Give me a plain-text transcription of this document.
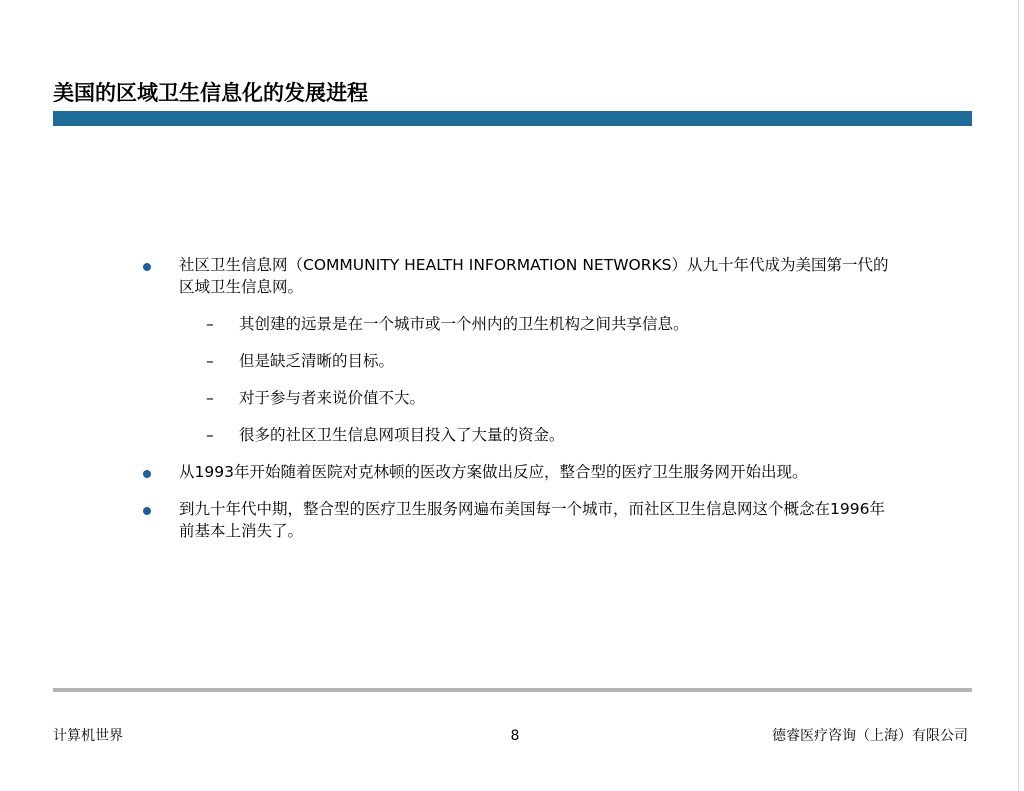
美国的区域卫生信息化的发展进程
社区卫生信息网（COMMUNITY HEALTH INFORMATION NETWORKS）从九十年代成为美国第一代的区域卫生信息网。
– 其创建的远景是在一个城市或一个州内的卫生机构之间共享信息。
– 但是缺乏清晰的目标。
– 对于参与者来说价值不大。
– 很多的社区卫生信息网项目投入了大量的资金。
从1993年开始随着医院对克林顿的医改方案做出反应，整合型的医疗卫生服务网开始出现。
到九十年代中期，整合型的医疗卫生服务网遍布美国每一个城市，而社区卫生信息网这个概念在1996年前基本上消失了。
计算机世界	8	德睿医疗咨询（上海）有限公司
